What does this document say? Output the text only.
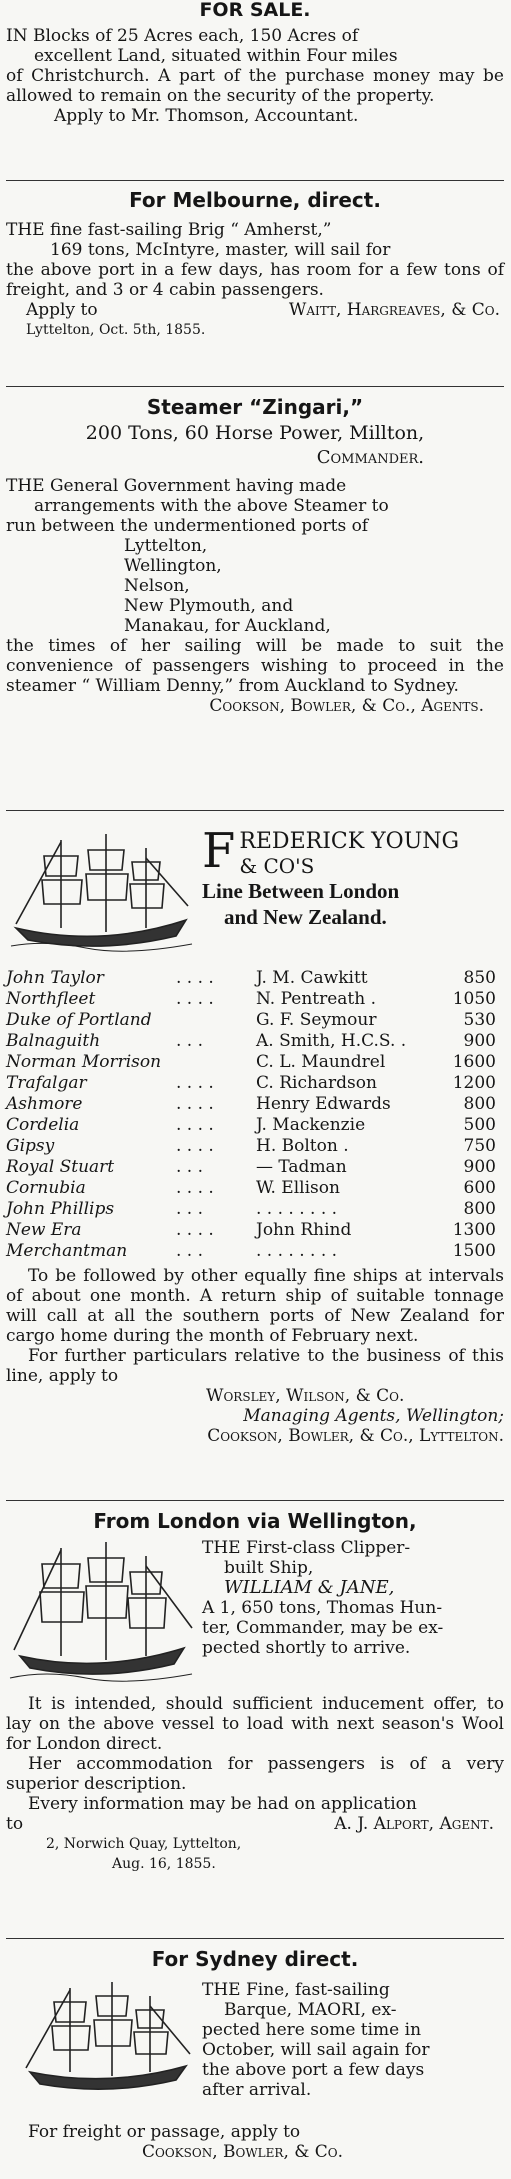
FOR SALE.
IN Blocks of 25 Acres each, 150 Acres of
excellent Land, situated within Four miles
of Christchurch. A part of the purchase money may be allowed to remain on the security of the property.
Apply to Mr. Thomson, Accountant.
For Melbourne, direct.
THE fine fast-sailing Brig “ Amherst,”
169 tons, McIntyre, master, will sail for
the above port in a few days, has room for a few tons of freight, and 3 or 4 cabin passengers.
Apply to	Waitt, Hargreaves, & Co.
Lyttelton, Oct. 5th, 1855.
Steamer “Zingari,”
200 Tons, 60 Horse Power, Millton,
Commander.
THE General Government having made
arrangements with the above Steamer to
run between the undermentioned ports of
Lyttelton,
Wellington,
Nelson,
New Plymouth, and
Manakau, for Auckland,
the times of her sailing will be made to suit the convenience of passengers wishing to proceed in the steamer “ William Denny,” from Auckland to Sydney.
Cookson, Bowler, & Co., Agents.
FREDERICK YOUNG
& CO'S
Line Between London
and New Zealand.
John Taylor	. . . .	J. M. Cawkitt	850
Northfleet	. . . .	N. Pentreath .	1050
Duke of Portland	G. F. Seymour	530
Balnaguith	. . .	A. Smith, H.C.S. .	900
Norman Morrison	C. L. Maundrel	1600
Trafalgar	. . . .	C. Richardson	1200
Ashmore	. . . .	Henry Edwards	800
Cordelia	. . . .	J. Mackenzie	500
Gipsy	. . . .	H. Bolton .	750
Royal Stuart	. . .	— Tadman	900
Cornubia	. . . .	W. Ellison	600
John Phillips	. . .	. . . . . . . .	800
New Era	. . . .	John Rhind	1300
Merchantman	. . .	. . . . . . . .	1500
To be followed by other equally fine ships at intervals of about one month. A return ship of suitable tonnage will call at all the southern ports of New Zealand for cargo home during the month of February next.
For further particulars relative to the business of this line, apply to
Worsley, Wilson, & Co.
Managing Agents, Wellington;
Cookson, Bowler, & Co., Lyttelton.
From London via Wellington,
THE First-class Clipper-
built Ship,
WILLIAM & JANE,
A 1, 650 tons, Thomas Hun-
ter, Commander, may be ex-
pected shortly to arrive.
It is intended, should sufficient inducement offer, to lay on the above vessel to load with next season's Wool for London direct.
Her accommodation for passengers is of a very superior description.
Every information may be had on application
to	A. J. Alport, Agent.
2, Norwich Quay, Lyttelton,
Aug. 16, 1855.
For Sydney direct.
THE Fine, fast-sailing
Barque, MAORI, ex-
pected here some time in
October, will sail again for
the above port a few days
after arrival.
For freight or passage, apply to
Cookson, Bowler, & Co.
